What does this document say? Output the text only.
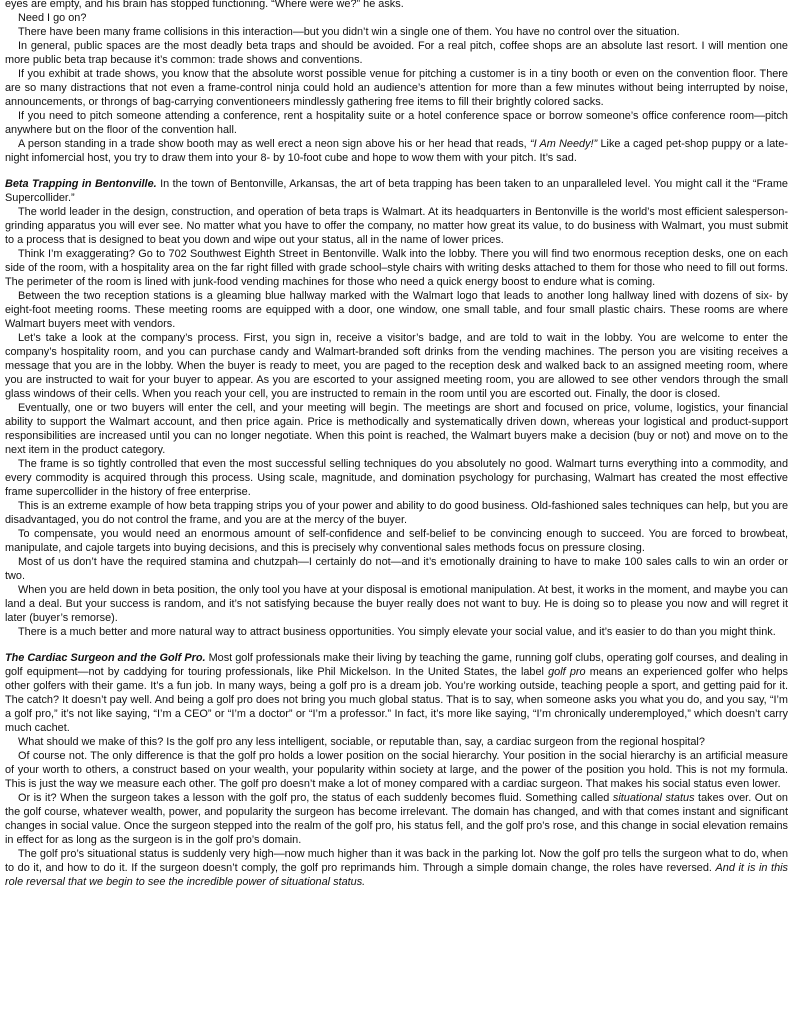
eyes are empty, and his brain has stopped functioning. “Where were we?” he asks.

Need I go on?

There have been many frame collisions in this interaction—but you didn’t win a single one of them. You have no control over the situation.

In general, public spaces are the most deadly beta traps and should be avoided. For a real pitch, coffee shops are an absolute last resort. I will mention one more public beta trap because it’s common: trade shows and conventions.

If you exhibit at trade shows, you know that the absolute worst possible venue for pitching a customer is in a tiny booth or even on the convention floor. There are so many distractions that not even a frame-control ninja could hold an audience’s attention for more than a few minutes without being interrupted by noise, announcements, or throngs of bag-carrying conventioneers mindlessly gathering free items to fill their brightly colored sacks.

If you need to pitch someone attending a conference, rent a hospitality suite or a hotel conference space or borrow someone’s office conference room—pitch anywhere but on the floor of the convention hall.

A person standing in a trade show booth may as well erect a neon sign above his or her head that reads, “I Am Needy!” Like a caged pet-shop puppy or a late-night infomercial host, you try to draw them into your 8- by 10-foot cube and hope to wow them with your pitch. It’s sad.

Beta Trapping in Bentonville. In the town of Bentonville, Arkansas, the art of beta trapping has been taken to an unparalleled level. You might call it the “Frame Supercollider.”

The world leader in the design, construction, and operation of beta traps is Walmart. At its headquarters in Bentonville is the world’s most efficient salesperson-grinding apparatus you will ever see. No matter what you have to offer the company, no matter how great its value, to do business with Walmart, you must submit to a process that is designed to beat you down and wipe out your status, all in the name of lower prices.

Think I’m exaggerating? Go to 702 Southwest Eighth Street in Bentonville. Walk into the lobby. There you will find two enormous reception desks, one on each side of the room, with a hospitality area on the far right filled with grade school–style chairs with writing desks attached to them for those who need to fill out forms. The perimeter of the room is lined with junk-food vending machines for those who need a quick energy boost to endure what is coming.

Between the two reception stations is a gleaming blue hallway marked with the Walmart logo that leads to another long hallway lined with dozens of six- by eight-foot meeting rooms. These meeting rooms are equipped with a door, one window, one small table, and four small plastic chairs. These rooms are where Walmart buyers meet with vendors.

Let’s take a look at the company’s process. First, you sign in, receive a visitor’s badge, and are told to wait in the lobby. You are welcome to enter the company’s hospitality room, and you can purchase candy and Walmart-branded soft drinks from the vending machines. The person you are visiting receives a message that you are in the lobby. When the buyer is ready to meet, you are paged to the reception desk and walked back to an assigned meeting room, where you are instructed to wait for your buyer to appear. As you are escorted to your assigned meeting room, you are allowed to see other vendors through the small glass windows of their cells. When you reach your cell, you are instructed to remain in the room until you are escorted out. Finally, the door is closed.

Eventually, one or two buyers will enter the cell, and your meeting will begin. The meetings are short and focused on price, volume, logistics, your financial ability to support the Walmart account, and then price again. Price is methodically and systematically driven down, whereas your logistical and product-support responsibilities are increased until you can no longer negotiate. When this point is reached, the Walmart buyers make a decision (buy or not) and move on to the next item in the product category.

The frame is so tightly controlled that even the most successful selling techniques do you absolutely no good. Walmart turns everything into a commodity, and every commodity is acquired through this process. Using scale, magnitude, and domination psychology for purchasing, Walmart has created the most effective frame supercollider in the history of free enterprise.

This is an extreme example of how beta trapping strips you of your power and ability to do good business. Old-fashioned sales techniques can help, but you are disadvantaged, you do not control the frame, and you are at the mercy of the buyer.

To compensate, you would need an enormous amount of self-confidence and self-belief to be convincing enough to succeed. You are forced to browbeat, manipulate, and cajole targets into buying decisions, and this is precisely why conventional sales methods focus on pressure closing.

Most of us don’t have the required stamina and chutzpah—I certainly do not—and it’s emotionally draining to have to make 100 sales calls to win an order or two.

When you are held down in beta position, the only tool you have at your disposal is emotional manipulation. At best, it works in the moment, and maybe you can land a deal. But your success is random, and it’s not satisfying because the buyer really does not want to buy. He is doing so to please you now and will regret it later (buyer’s remorse).

There is a much better and more natural way to attract business opportunities. You simply elevate your social value, and it’s easier to do than you might think.

The Cardiac Surgeon and the Golf Pro. Most golf professionals make their living by teaching the game, running golf clubs, operating golf courses, and dealing in golf equipment—not by caddying for touring professionals, like Phil Mickelson. In the United States, the label golf pro means an experienced golfer who helps other golfers with their game. It’s a fun job. In many ways, being a golf pro is a dream job. You’re working outside, teaching people a sport, and getting paid for it. The catch? It doesn’t pay well. And being a golf pro does not bring you much global status. That is to say, when someone asks you what you do, and you say, “I’m a golf pro,” it’s not like saying, “I’m a CEO” or “I’m a doctor” or “I’m a professor.” In fact, it’s more like saying, “I’m chronically underemployed,” which doesn’t carry much cachet.

What should we make of this? Is the golf pro any less intelligent, sociable, or reputable than, say, a cardiac surgeon from the regional hospital?

Of course not. The only difference is that the golf pro holds a lower position on the social hierarchy. Your position in the social hierarchy is an artificial measure of your worth to others, a construct based on your wealth, your popularity within society at large, and the power of the position you hold. This is not my formula. This is just the way we measure each other. The golf pro doesn’t make a lot of money compared with a cardiac surgeon. That makes his social status even lower.

Or is it? When the surgeon takes a lesson with the golf pro, the status of each suddenly becomes fluid. Something called situational status takes over. Out on the golf course, whatever wealth, power, and popularity the surgeon has become irrelevant. The domain has changed, and with that comes instant and significant changes in social value. Once the surgeon stepped into the realm of the golf pro, his status fell, and the golf pro’s rose, and this change in social elevation remains in effect for as long as the surgeon is in the golf pro’s domain.

The golf pro’s situational status is suddenly very high—now much higher than it was back in the parking lot. Now the golf pro tells the surgeon what to do, when to do it, and how to do it. If the surgeon doesn’t comply, the golf pro reprimands him. Through a simple domain change, the roles have reversed. And it is in this role reversal that we begin to see the incredible power of situational status.
